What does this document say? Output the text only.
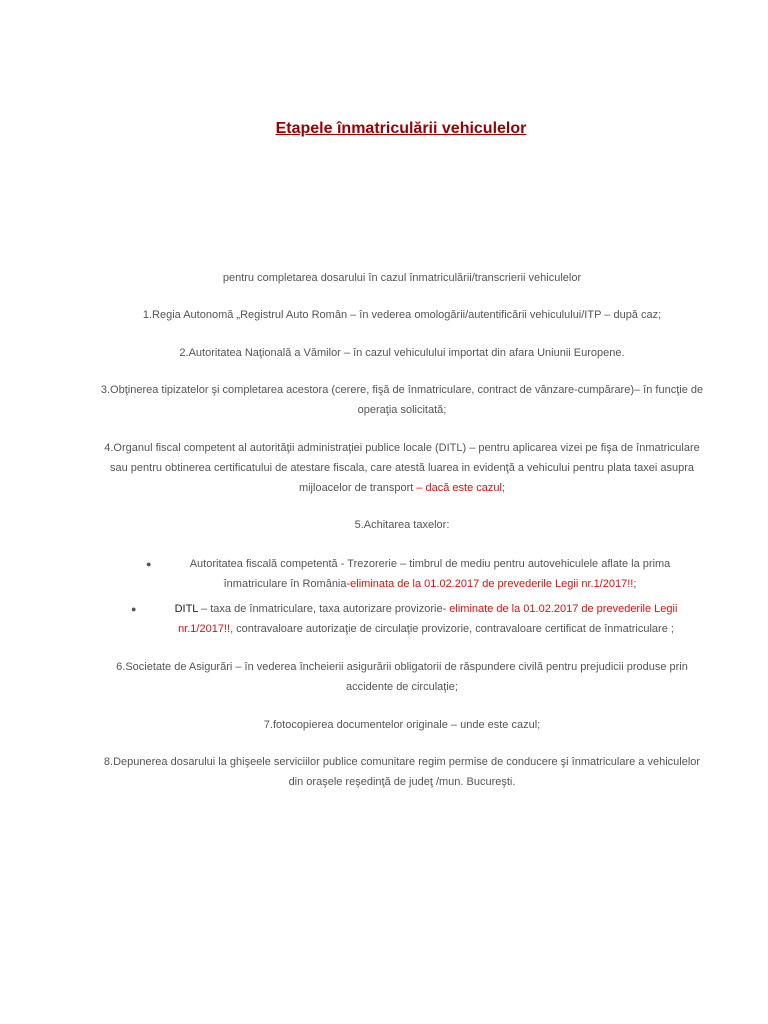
Etapele înmatriculării vehiculelor

pentru completarea dosarului în cazul înmatriculării/transcrierii vehiculelor

1.Regia Autonomă „Registrul Auto Român – în vederea omologării/autentificării vehiculului/ITP – după caz;

2.Autoritatea Naţională a Vămilor – în cazul vehiculului importat din afara Uniunii Europene.

3.Obţinerea tipizatelor şi completarea acestora (cerere, fişă de înmatriculare, contract de vânzare-cumpărare)– în funcţie de operaţia solicitată;

4.Organul fiscal competent al autorităţii administraţiei publice locale (DITL) – pentru aplicarea vizei pe fişa de înmatriculare sau pentru obtinerea certificatului de atestare fiscala, care atestă luarea in evidenţă a vehicului pentru plata taxei asupra mijloacelor de transport – dacă este cazul;

5.Achitarea taxelor:

●	Autoritatea fiscală competentă - Trezorerie – timbrul de mediu pentru autovehiculele aflate la prima înmatriculare în România-eliminata de la 01.02.2017 de prevederile Legii nr.1/2017!!;
●	DITL – taxa de înmatriculare, taxa autorizare provizorie- eliminate de la 01.02.2017 de prevederile Legii nr.1/2017!!, contravaloare autorizaţie de circulaţie provizorie, contravaloare certificat de înmatriculare ;

6.Societate de Asigurări – în vederea încheierii asigurării obligatorii de răspundere civilă pentru prejudicii produse prin accidente de circulaţie;

7.fotocopierea documentelor originale – unde este cazul;

8.Depunerea dosarului la ghişeele serviciilor publice comunitare regim permise de conducere şi înmatriculare a vehiculelor din oraşele reşedinţă de judeţ /mun. Bucureşti.
